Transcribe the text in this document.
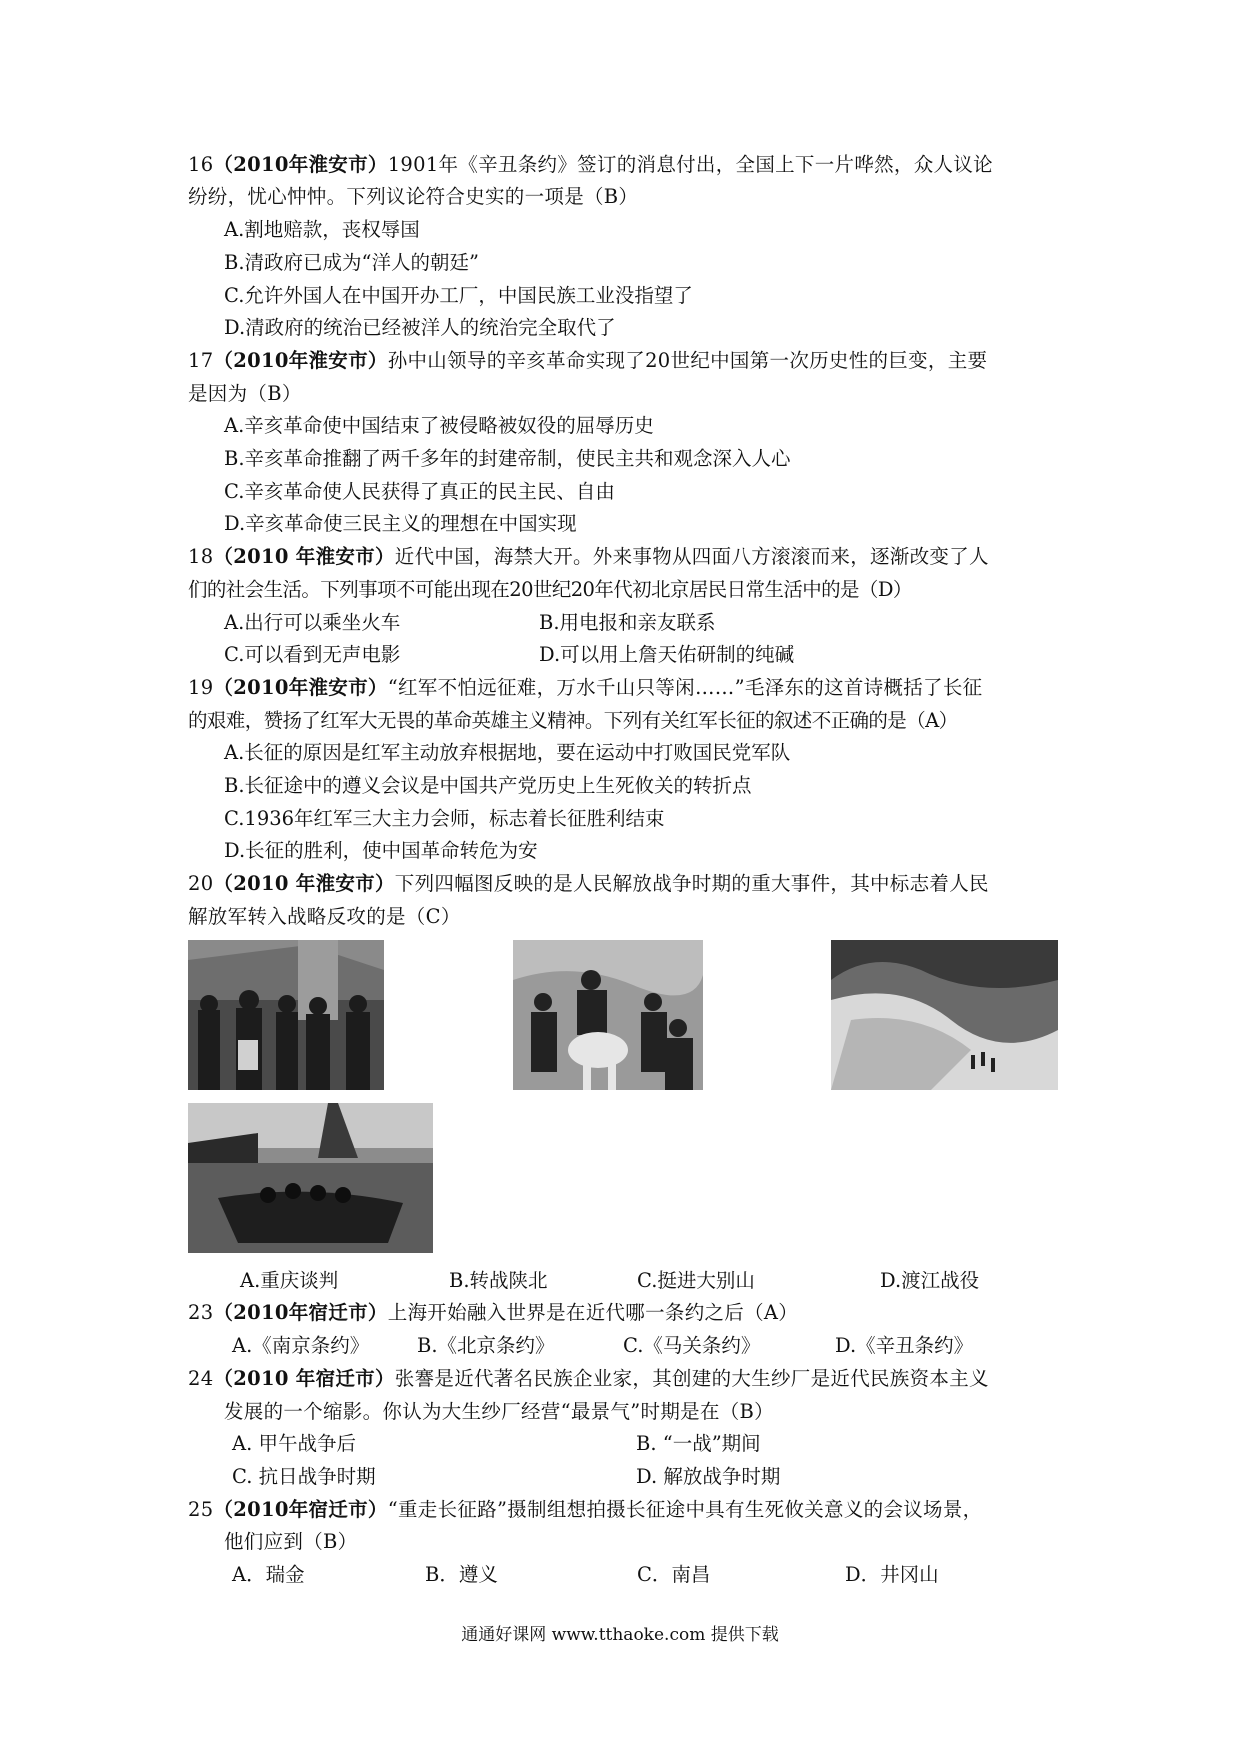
16（2010年淮安市）1901年《辛丑条约》签订的消息付出，全国上下一片哗然，众人议论
纷纷，忧心忡忡。下列议论符合史实的一项是（B）
A.割地赔款，丧权辱国
B.清政府已成为“洋人的朝廷”
C.允许外国人在中国开办工厂，中国民族工业没指望了
D.清政府的统治已经被洋人的统治完全取代了
17（2010年淮安市）孙中山领导的辛亥革命实现了20世纪中国第一次历史性的巨变，主要
是因为（B）
A.辛亥革命使中国结束了被侵略被奴役的屈辱历史
B.辛亥革命推翻了两千多年的封建帝制，使民主共和观念深入人心
C.辛亥革命使人民获得了真正的民主民、自由
D.辛亥革命使三民主义的理想在中国实现
18（2010 年淮安市）近代中国，海禁大开。外来事物从四面八方滚滚而来，逐渐改变了人
们的社会生活。下列事项不可能出现在20世纪20年代初北京居民日常生活中的是（D）
A.出行可以乘坐火车	B.用电报和亲友联系
C.可以看到无声电影	D.可以用上詹天佑研制的纯碱
19（2010年淮安市）“红军不怕远征难，万水千山只等闲……”毛泽东的这首诗概括了长征
的艰难，赞扬了红军大无畏的革命英雄主义精神。下列有关红军长征的叙述不正确的是（A）
A.长征的原因是红军主动放弃根据地，要在运动中打败国民党军队
B.长征途中的遵义会议是中国共产党历史上生死攸关的转折点
C.1936年红军三大主力会师，标志着长征胜利结束
D.长征的胜利，使中国革命转危为安
20（2010 年淮安市）下列四幅图反映的是人民解放战争时期的重大事件，其中标志着人民
解放军转入战略反攻的是（C）
A.重庆谈判	B.转战陕北	C.挺进大别山	D.渡江战役
23（2010年宿迁市）上海开始融入世界是在近代哪一条约之后（A）
A.《南京条约》 B.《北京条约》	C.《马关条约》	D.《辛丑条约》
24（2010 年宿迁市）张謇是近代著名民族企业家，其创建的大生纱厂是近代民族资本主义
发展的一个缩影。你认为大生纱厂经营“最景气”时期是在（B）
A. 甲午战争后	B. “一战”期间
C. 抗日战争时期	D. 解放战争时期
25（2010年宿迁市）“重走长征路”摄制组想拍摄长征途中具有生死攸关意义的会议场景，
他们应到（B）
A．瑞金	B．遵义	C．南昌	D．井冈山
通通好课网 www.tthaoke.com 提供下载
